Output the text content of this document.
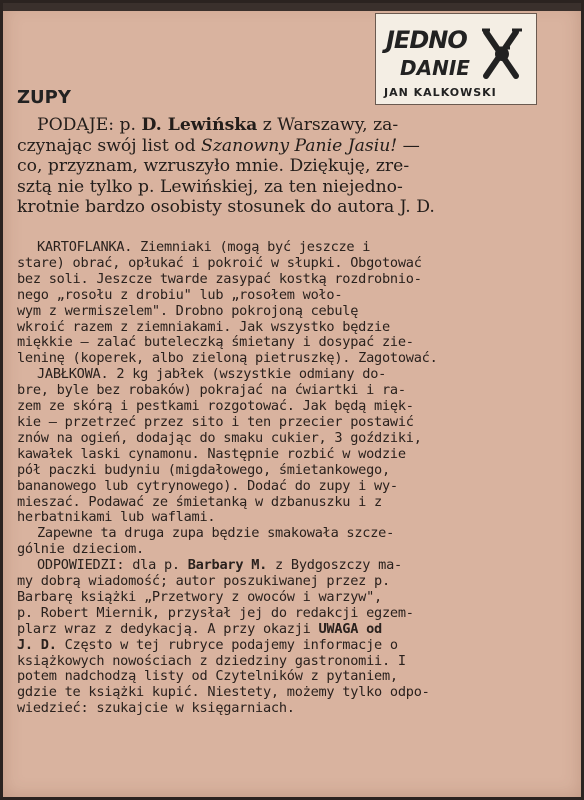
JEDNO
DANIE
JAN KALKOWSKI
ZUPY
PODAJE: p. D. Lewińska z Warszawy, za-
czynając swój list od Szanowny Panie Jasiu! —
co, przyznam, wzruszyło mnie. Dziękuję, zre-
sztą nie tylko p. Lewińskiej, za ten niejedno-
krotnie bardzo osobisty stosunek do autora J. D.
KARTOFLANKA. Ziemniaki (mogą być jeszcze i
stare) obrać, opłukać i pokroić w słupki. Obgotować
bez soli. Jeszcze twarde zasypać kostką rozdrobnio-
nego „rosołu z drobiu" lub „rosołem woło-
wym z wermiszelem". Drobno pokrojoną cebulę
wkroić razem z ziemniakami. Jak wszystko będzie
miękkie — zalać buteleczką śmietany i dosypać zie-
leninę (koperek, albo zieloną pietruszkę). Zagotować.
JABŁKOWA. 2 kg jabłek (wszystkie odmiany do-
bre, byle bez robaków) pokrajać na ćwiartki i ra-
zem ze skórą i pestkami rozgotować. Jak będą mięk-
kie — przetrzeć przez sito i ten przecier postawić
znów na ogień, dodając do smaku cukier, 3 goździki,
kawałek laski cynamonu. Następnie rozbić w wodzie
pół paczki budyniu (migdałowego, śmietankowego,
bananowego lub cytrynowego). Dodać do zupy i wy-
mieszać. Podawać ze śmietanką w dzbanuszku i z
herbatnikami lub waflami.
Zapewne ta druga zupa będzie smakowała szcze-
gólnie dzieciom.
ODPOWIEDZI: dla p. Barbary M. z Bydgoszczy ma-
my dobrą wiadomość; autor poszukiwanej przez p.
Barbarę książki „Przetwory z owoców i warzyw",
p. Robert Miernik, przysłał jej do redakcji egzem-
plarz wraz z dedykacją. A przy okazji UWAGA od
J. D. Często w tej rubryce podajemy informacje o
książkowych nowościach z dziedziny gastronomii. I
potem nadchodzą listy od Czytelników z pytaniem,
gdzie te książki kupić. Niestety, możemy tylko odpo-
wiedzieć: szukajcie w księgarniach.
